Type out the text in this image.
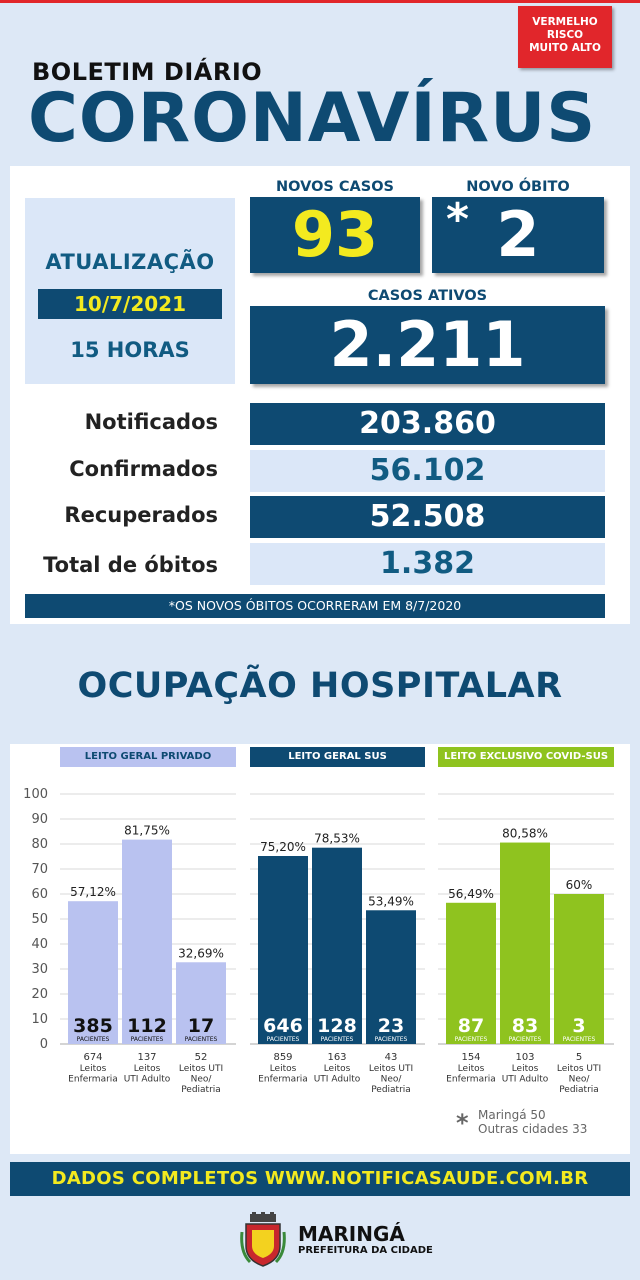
VERMELHO
RISCO
MUITO ALTO
BOLETIM DIÁRIO
CORONAVÍRUS
ATUALIZAÇÃO
10/7/2021
15 HORAS
NOVOS CASOS
93
NOVO ÓBITO
* 2
CASOS ATIVOS
2.211
Notificados	203.860
Confirmados	56.102
Recuperados	52.508
Total de óbitos	1.382
*OS NOVOS ÓBITOS OCORRERAM EM 8/7/2020
OCUPAÇÃO HOSPITALAR
LEITO GERAL PRIVADO	LEITO GERAL SUS	LEITO EXCLUSIVO COVID-SUS
0
10
20
30
40
50
60
70
80
90
100
57,12%
385
PACIENTES
674
Leitos
Enfermaria
81,75%
112
PACIENTES
137
Leitos
UTI Adulto
32,69%
17
PACIENTES
52
Leitos UTI
Neo/
Pediatria
75,20%
646
PACIENTES
859
Leitos
Enfermaria
78,53%
128
PACIENTES
163
Leitos
UTI Adulto
53,49%
23
PACIENTES
43
Leitos UTI
Neo/
Pediatria
56,49%
87
PACIENTES
154
Leitos
Enfermaria
80,58%
83
PACIENTES
103
Leitos
UTI Adulto
60%
3
PACIENTES
5
Leitos UTI
Neo/
Pediatria
* Maringá 50
Outras cidades 33
DADOS COMPLETOS WWW.NOTIFICASAUDE.COM.BR
MARINGÁ
PREFEITURA DA CIDADE
